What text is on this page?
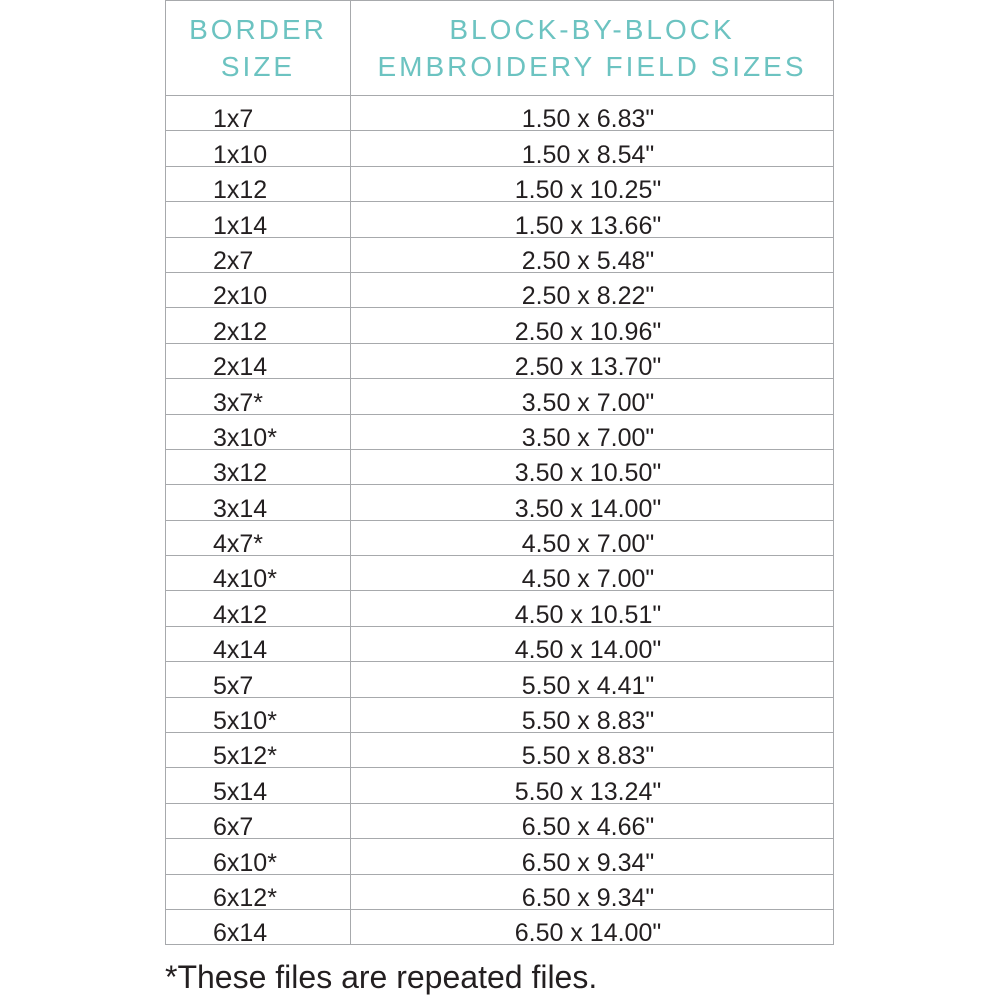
BORDER
SIZE	BLOCK-BY-BLOCK
EMBROIDERY FIELD SIZES

1x7	1.50 x 6.83"
1x10	1.50 x 8.54"
1x12	1.50 x 10.25"
1x14	1.50 x 13.66"
2x7	2.50 x 5.48"
2x10	2.50 x 8.22"
2x12	2.50 x 10.96"
2x14	2.50 x 13.70"
3x7*	3.50 x 7.00"
3x10*	3.50 x 7.00"
3x12	3.50 x 10.50"
3x14	3.50 x 14.00"
4x7*	4.50 x 7.00"
4x10*	4.50 x 7.00"
4x12	4.50 x 10.51"
4x14	4.50 x 14.00"
5x7	5.50 x 4.41"
5x10*	5.50 x 8.83"
5x12*	5.50 x 8.83"
5x14	5.50 x 13.24"
6x7	6.50 x 4.66"
6x10*	6.50 x 9.34"
6x12*	6.50 x 9.34"
6x14	6.50 x 14.00"
*These files are repeated files.
